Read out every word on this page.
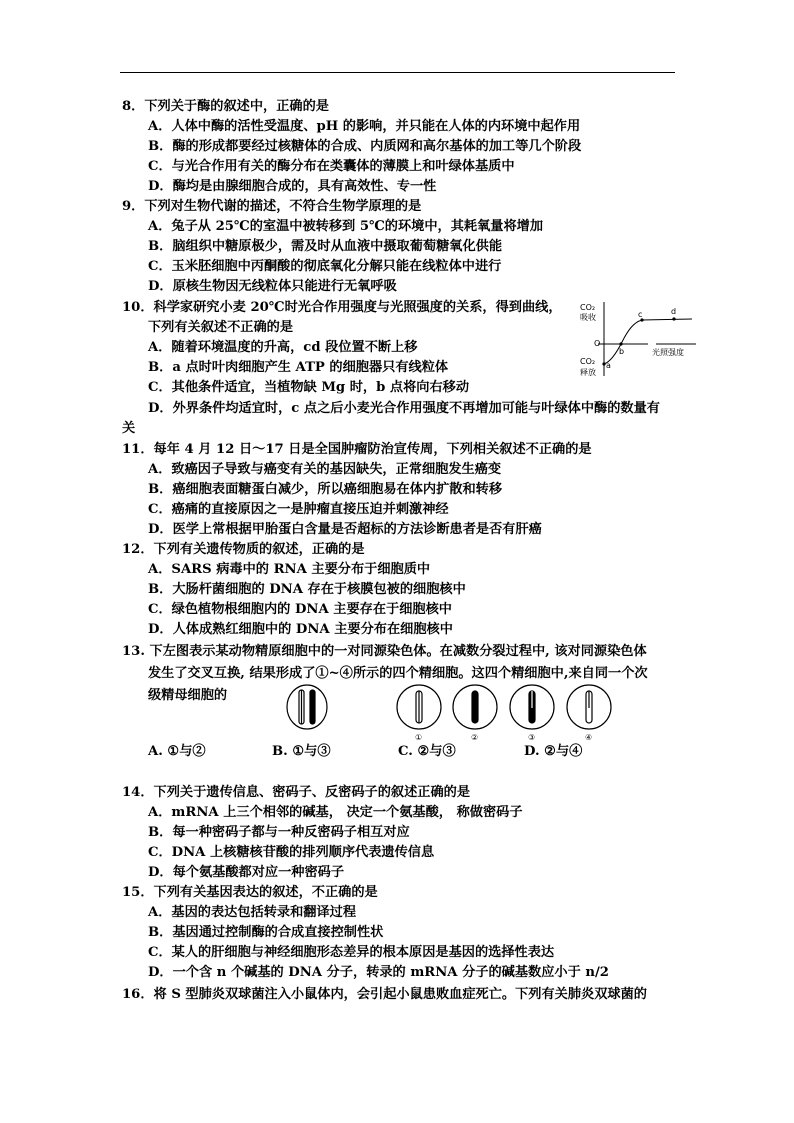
8．下列关于酶的叙述中，正确的是
A．人体中酶的活性受温度、pH 的影响，并只能在人体的内环境中起作用
B．酶的形成都要经过核糖体的合成、内质网和高尔基体的加工等几个阶段
C．与光合作用有关的酶分布在类囊体的薄膜上和叶绿体基质中
D．酶均是由腺细胞合成的，具有高效性、专一性
9．下列对生物代谢的描述，不符合生物学原理的是
A．兔子从 25℃的室温中被转移到 5℃的环境中，其耗氧量将增加
B．脑组织中糖原极少，需及时从血液中摄取葡萄糖氧化供能
C．玉米胚细胞中丙酮酸的彻底氧化分解只能在线粒体中进行
D．原核生物因无线粒体只能进行无氧呼吸
10．科学家研究小麦 20℃时光合作用强度与光照强度的关系，得到曲线，
下列有关叙述不正确的是
A．随着环境温度的升高，cd 段位置不断上移
B．a 点时叶肉细胞产生 ATP 的细胞器只有线粒体
C．其他条件适宜，当植物缺 Mg 时，b 点将向右移动
D．外界条件均适宜时，c 点之后小麦光合作用强度不再增加可能与叶绿体中酶的数量有
关
CO₂
吸收
O
CO₂
释放
光照强度
a
b
c	d
11．每年 4 月 12 日～17 日是全国肿瘤防治宣传周，下列相关叙述不正确的是
A．致癌因子导致与癌变有关的基因缺失，正常细胞发生癌变
B．癌细胞表面糖蛋白减少，所以癌细胞易在体内扩散和转移
C．癌痛的直接原因之一是肿瘤直接压迫并刺激神经
D．医学上常根据甲胎蛋白含量是否超标的方法诊断患者是否有肝癌
12．下列有关遗传物质的叙述，正确的是
A．SARS 病毒中的 RNA 主要分布于细胞质中
B．大肠杆菌细胞的 DNA 存在于核膜包被的细胞核中
C．绿色植物根细胞内的 DNA 主要存在于细胞核中
D．人体成熟红细胞中的 DNA 主要分布在细胞核中
13. 下左图表示某动物精原细胞中的一对同源染色体。在减数分裂过程中, 该对同源染色体
发生了交叉互换, 结果形成了①~④所示的四个精细胞。这四个精细胞中,来自同一个次
级精母细胞的
①	②	③	④
A. ①与②	B. ①与③	C. ②与③	D. ②与④
14．下列关于遗传信息、密码子、反密码子的叙述正确的是
A．mRNA 上三个相邻的碱基， 决定一个氨基酸， 称做密码子
B．每一种密码子都与一种反密码子相互对应
C．DNA 上核糖核苷酸的排列顺序代表遗传信息
D．每个氨基酸都对应一种密码子
15．下列有关基因表达的叙述，不正确的是
A．基因的表达包括转录和翻译过程
B．基因通过控制酶的合成直接控制性状
C．某人的肝细胞与神经细胞形态差异的根本原因是基因的选择性表达
D．一个含 n 个碱基的 DNA 分子，转录的 mRNA 分子的碱基数应小于 n/2
16．将 S 型肺炎双球菌注入小鼠体内，会引起小鼠患败血症死亡。下列有关肺炎双球菌的
